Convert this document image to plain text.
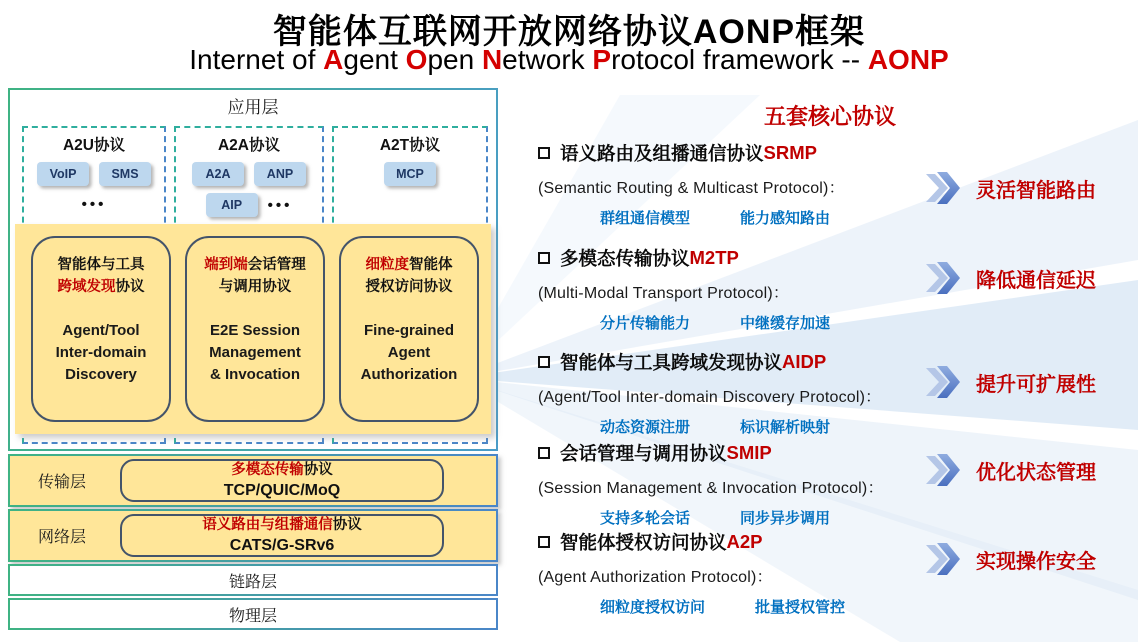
智能体互联网开放网络协议AONP框架
Internet of Agent Open Network Protocol framework -- AONP
应用层
A2U协议
VoIP	SMS
•••
A2A协议
A2A	ANP
AIP	•••
A2T协议
MCP
智能体与工具
跨域发现协议
Agent/Tool
Inter-domain
Discovery
端到端会话管理
与调用协议
E2E Session
Management
& Invocation
细粒度智能体
授权访问协议
Fine-grained
Agent
Authorization
传输层
多模态传输协议
TCP/QUIC/MoQ
网络层
语义路由与组播通信协议
CATS/G-SRv6
链路层
物理层
五套核心协议
语义路由及组播通信协议 SRMP
(Semantic Routing & Multicast Protocol)：
群组通信模型	能力感知路由
灵活智能路由
多模态传输协议 M2TP
(Multi-Modal Transport Protocol)：
分片传输能力	中继缓存加速
降低通信延迟
智能体与工具跨域发现协议 AIDP
(Agent/Tool Inter-domain Discovery Protocol)：
动态资源注册	标识解析映射
提升可扩展性
会话管理与调用协议 SMIP
(Session Management & Invocation Protocol)：
支持多轮会话	同步异步调用
优化状态管理
智能体授权访问协议 A2P
(Agent Authorization Protocol)：
细粒度授权访问	批量授权管控
实现操作安全
